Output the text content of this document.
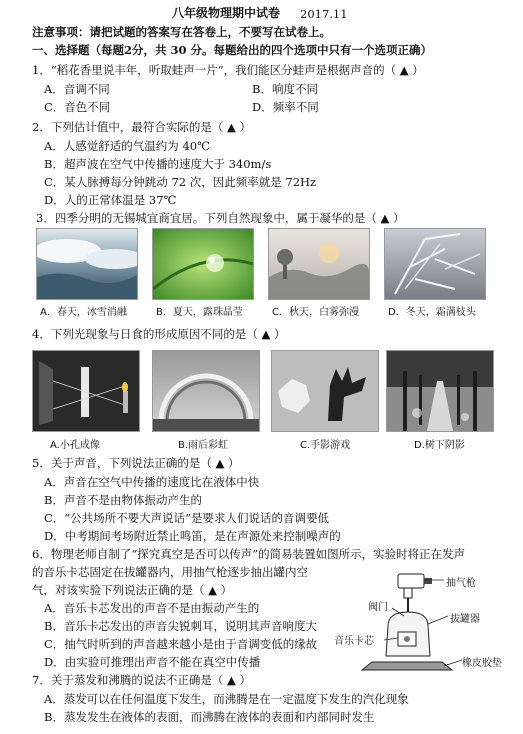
八年级物理期中试卷 2017.11
注意事项：请把试题的答案写在答卷上，不要写在试卷上。
一、选择题（每题2分，共 30 分。每题给出的四个选项中只有一个选项正确）
1．“稻花香里说丰年，听取蛙声一片”，我们能区分蛙声是根据声音的（ ▲ ）
A．音调不同	B．响度不同
C．音色不同	D．频率不同
2．下列估计值中，最符合实际的是（ ▲ ）
A．人感觉舒适的气温约为 40℃
B．超声波在空气中传播的速度大于 340m/s
C．某人脉搏每分钟跳动 72 次，因此频率就是 72Hz
D．人的正常体温是 37℃
3．四季分明的无锡城宜商宜居。下列自然现象中，属于凝华的是（ ▲ ）
A．春天，冰雪消融	B．夏天，露珠晶莹	C．秋天，白雾弥漫	D．冬天，霜满枝头
4．下列光现象与日食的形成原因不同的是（ ▲ ）
A.小孔成像	B.雨后彩虹	C.手影游戏	D.树下阴影
5．关于声音，下列说法正确的是（ ▲ ）
A．声音在空气中传播的速度比在液体中快
B．声音不是由物体振动产生的
C．“公共场所不要大声说话”是要求人们说话的音调要低
D．中考期间考场附近禁止鸣笛，是在声源处来控制噪声的
6．物理老师自制了“探究真空是否可以传声”的简易装置如图所示，实验时将正在发声
的音乐卡芯固定在拔罐器内，用抽气枪逐步抽出罐内空
气，对该实验下列说法正确的是（ ▲ ）
A．音乐卡芯发出的声音不是由振动产生的
B．音乐卡芯发出的声音尖锐刺耳，说明其声音响度大
C．抽气时听到的声音越来越小是由于音调变低的缘故
D．由实验可推理出声音不能在真空中传播
抽气枪
阀门
拔罐器
音乐卡芯
橡皮胶垫
7．关于蒸发和沸腾的说法不正确是（ ▲ ）
A．蒸发可以在任何温度下发生，而沸腾是在一定温度下发生的汽化现象
B．蒸发发生在液体的表面，而沸腾在液体的表面和内部同时发生
